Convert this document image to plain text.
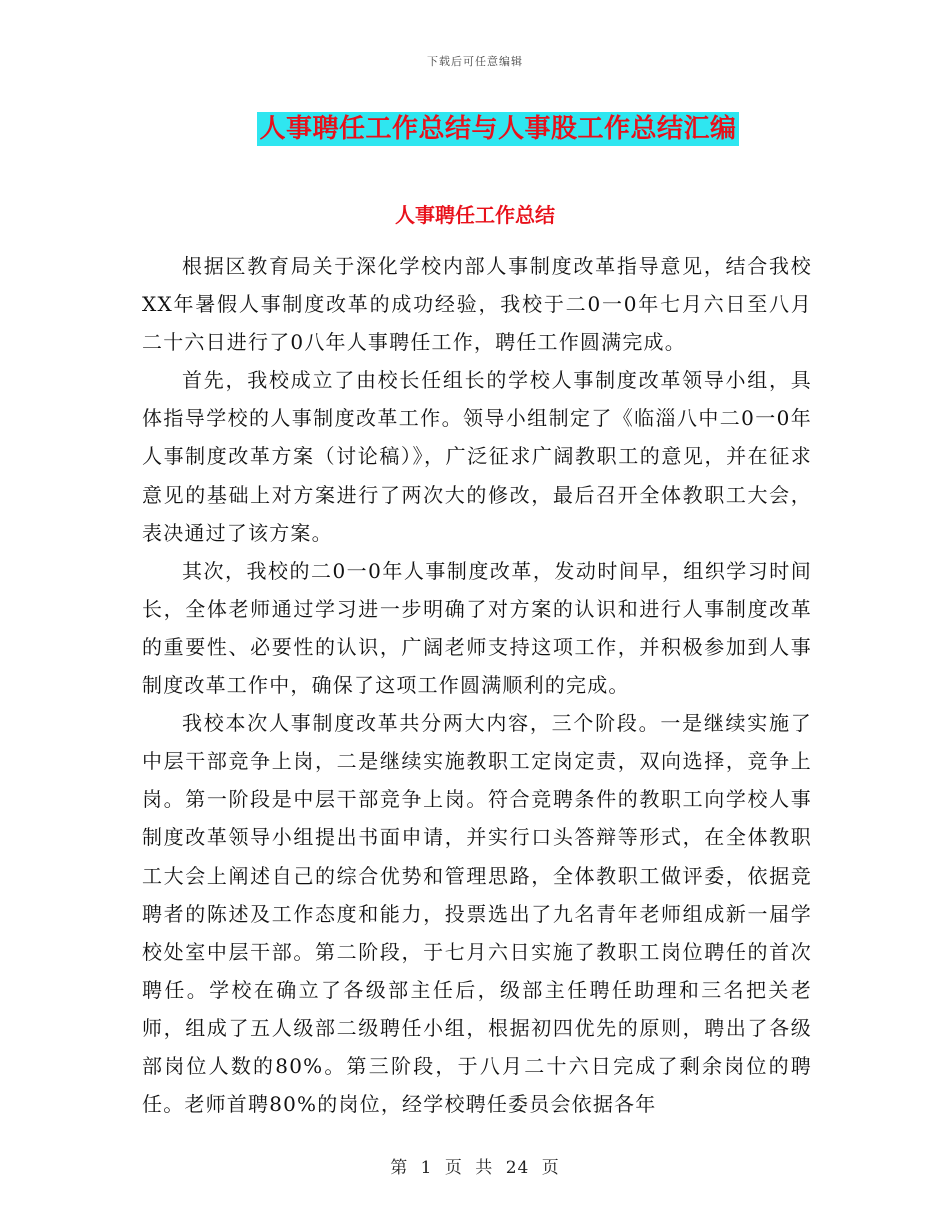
下载后可任意编辑
人事聘任工作总结与人事股工作总结汇编
人事聘任工作总结

根据区教育局关于深化学校内部人事制度改革指导意见，结合我校XX年暑假人事制度改革的成功经验，我校于二0一0年七月六日至八月二十六日进行了0八年人事聘任工作，聘任工作圆满完成。

首先，我校成立了由校长任组长的学校人事制度改革领导小组，具体指导学校的人事制度改革工作。领导小组制定了《临淄八中二0一0年人事制度改革方案（讨论稿）》，广泛征求广阔教职工的意见，并在征求意见的基础上对方案进行了两次大的修改，最后召开全体教职工大会，表决通过了该方案。

其次，我校的二0一0年人事制度改革，发动时间早，组织学习时间长，全体老师通过学习进一步明确了对方案的认识和进行人事制度改革的重要性、必要性的认识，广阔老师支持这项工作，并积极参加到人事制度改革工作中，确保了这项工作圆满顺利的完成。

我校本次人事制度改革共分两大内容，三个阶段。一是继续实施了中层干部竞争上岗，二是继续实施教职工定岗定责，双向选择，竞争上岗。第一阶段是中层干部竞争上岗。符合竞聘条件的教职工向学校人事制度改革领导小组提出书面申请，并实行口头答辩等形式，在全体教职工大会上阐述自己的综合优势和管理思路，全体教职工做评委，依据竞聘者的陈述及工作态度和能力，投票选出了九名青年老师组成新一届学校处室中层干部。第二阶段，于七月六日实施了教职工岗位聘任的首次聘任。学校在确立了各级部主任后，级部主任聘任助理和三名把关老师，组成了五人级部二级聘任小组，根据初四优先的原则，聘出了各级部岗位人数的80%。第三阶段，于八月二十六日完成了剩余岗位的聘任。老师首聘80%的岗位，经学校聘任委员会依据各年

第 1 页 共 24 页
